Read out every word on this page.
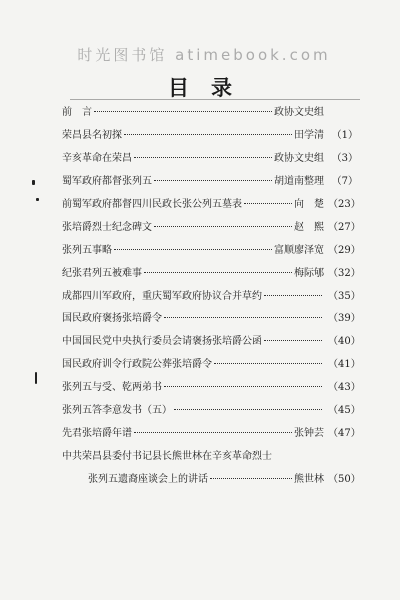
时光图书馆 atimebook.com
目录
前　言	政协文史组
荣昌县名初探	田学清 （1）
辛亥革命在荣昌	政协文史组 （3）
蜀军政府都督张列五	胡道南整理 （7）
前蜀军政府都督四川民政长张公列五墓表	向　楚 （23）
张培爵烈士纪念碑文	赵　熙 （27）
张列五事略	富顺廖泽宽 （29）
纪张君列五被难事	梅际郇 （32）
成都四川军政府，重庆蜀军政府协议合并草约	（35）
国民政府褒扬张培爵令	（39）
中国国民党中央执行委员会请褒扬张培爵公函	（40）
国民政府训令行政院公葬张培爵令	（41）
张列五与受、乾两弟书	（43）
张列五答李意发书（五）	（45）
先君张培爵年谱	张钟芸 （47）
中共荣昌县委付书记县长熊世林在辛亥革命烈士
张列五遗裔座谈会上的讲话	熊世林 （50）
